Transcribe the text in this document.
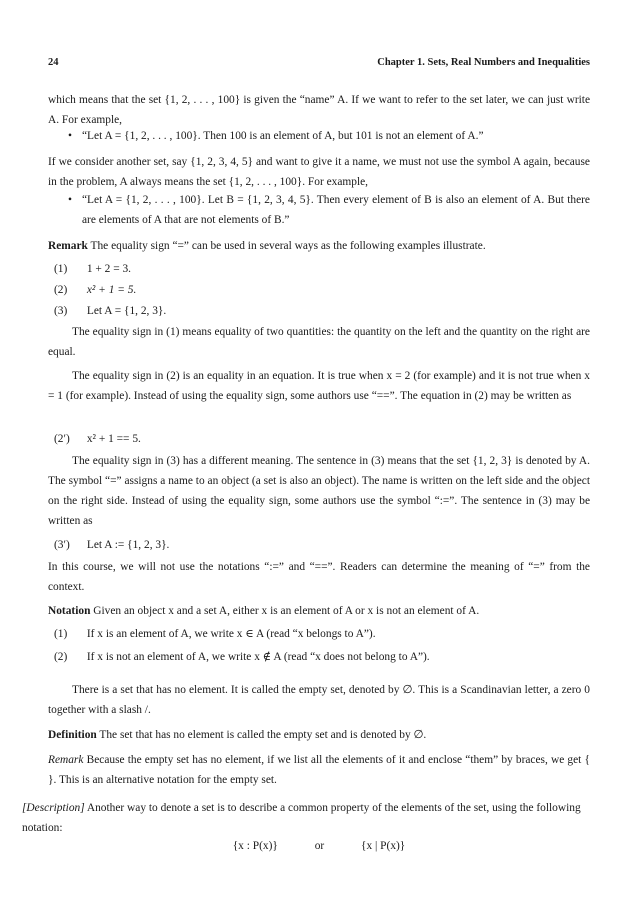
24	Chapter 1. Sets, Real Numbers and Inequalities
which means that the set {1, 2, . . . , 100} is given the “name” A. If we want to refer to the set later, we can just write A. For example,
• “Let A = {1, 2, . . . , 100}. Then 100 is an element of A, but 101 is not an element of A.”
If we consider another set, say {1, 2, 3, 4, 5} and want to give it a name, we must not use the symbol A again, because in the problem, A always means the set {1, 2, . . . , 100}. For example,
• “Let A = {1, 2, . . . , 100}. Let B = {1, 2, 3, 4, 5}. Then every element of B is also an element of A. But there are elements of A that are not elements of B.”
Remark The equality sign “=” can be used in several ways as the following examples illustrate.
(1) 1 + 2 = 3.
(2) x² + 1 = 5.
(3) Let A = {1, 2, 3}.
The equality sign in (1) means equality of two quantities: the quantity on the left and the quantity on the right are equal.
The equality sign in (2) is an equality in an equation. It is true when x = 2 (for example) and it is not true when x = 1 (for example). Instead of using the equality sign, some authors use “==”. The equation in (2) may be written as
(2′) x² + 1 == 5.
The equality sign in (3) has a different meaning. The sentence in (3) means that the set {1, 2, 3} is denoted by A. The symbol “=” assigns a name to an object (a set is also an object). The name is written on the left side and the object on the right side. Instead of using the equality sign, some authors use the symbol “:=”. The sentence in (3) may be written as
(3′) Let A := {1, 2, 3}.
In this course, we will not use the notations “:=” and “==”. Readers can determine the meaning of “=” from the context.
Notation Given an object x and a set A, either x is an element of A or x is not an element of A.
(1) If x is an element of A, we write x ∈ A (read “x belongs to A”).
(2) If x is not an element of A, we write x ∉ A (read “x does not belong to A”).
There is a set that has no element. It is called the empty set, denoted by ∅. This is a Scandinavian letter, a zero 0 together with a slash /.
Definition The set that has no element is called the empty set and is denoted by ∅.
Remark Because the empty set has no element, if we list all the elements of it and enclose “them” by braces, we get { }. This is an alternative notation for the empty set.
[Description] Another way to denote a set is to describe a common property of the elements of the set, using the following notation:
{x : P(x)}	or	{x | P(x)}
